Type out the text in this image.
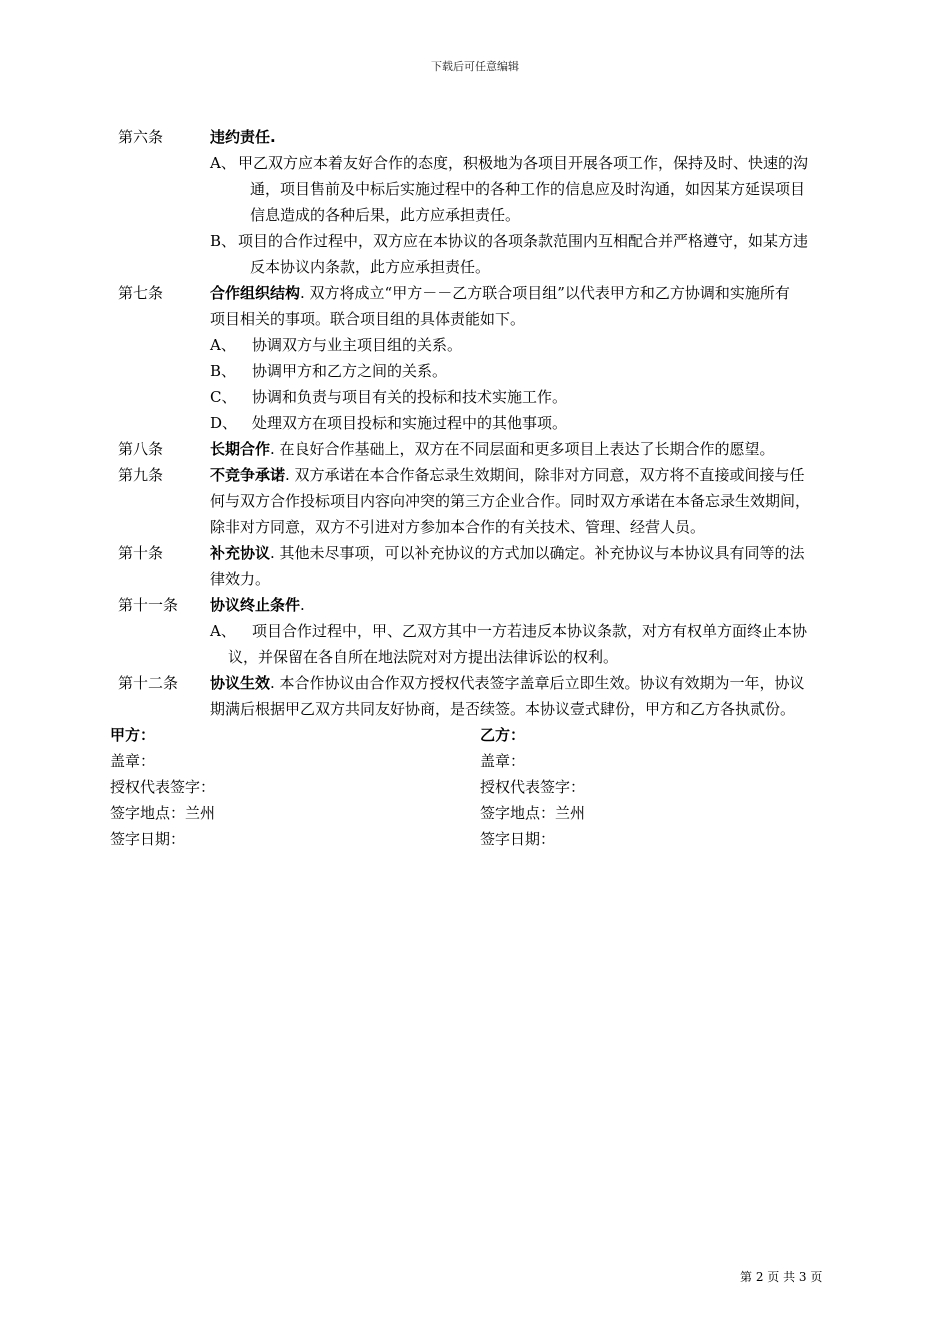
下载后可任意编辑
第六条	违约责任.
A、 甲乙双方应本着友好合作的态度，积极地为各项目开展各项工作，保持及时、快速的沟
通，项目售前及中标后实施过程中的各种工作的信息应及时沟通，如因某方延误项目
信息造成的各种后果，此方应承担责任。
B、 项目的合作过程中，双方应在本协议的各项条款范围内互相配合并严格遵守，如某方违
反本协议内条款，此方应承担责任。
第七条	合作组织结构. 双方将成立“甲方－－乙方联合项目组”以代表甲方和乙方协调和实施所有
项目相关的事项。联合项目组的具体责能如下。
A、 协调双方与业主项目组的关系。
B、 协调甲方和乙方之间的关系。
C、 协调和负责与项目有关的投标和技术实施工作。
D、 处理双方在项目投标和实施过程中的其他事项。
第八条	长期合作. 在良好合作基础上，双方在不同层面和更多项目上表达了长期合作的愿望。
第九条	不竞争承诺. 双方承诺在本合作备忘录生效期间，除非对方同意，双方将不直接或间接与任
何与双方合作投标项目内容向冲突的第三方企业合作。同时双方承诺在本备忘录生效期间，
除非对方同意，双方不引进对方参加本合作的有关技术、管理、经营人员。
第十条	补充协议. 其他未尽事项，可以补充协议的方式加以确定。补充协议与本协议具有同等的法
律效力。
第十一条 协议终止条件.
A、 项目合作过程中，甲、乙双方其中一方若违反本协议条款，对方有权单方面终止本协
议，并保留在各自所在地法院对对方提出法律诉讼的权利。
第十二条 协议生效. 本合作协议由合作双方授权代表签字盖章后立即生效。协议有效期为一年，协议
期满后根据甲乙双方共同友好协商，是否续签。本协议壹式肆份，甲方和乙方各执贰份。
甲方：	乙方：
盖章：	盖章：
授权代表签字：	授权代表签字：
签字地点：兰州	签字地点：兰州
签字日期：	签字日期：
第 2 页 共 3 页
